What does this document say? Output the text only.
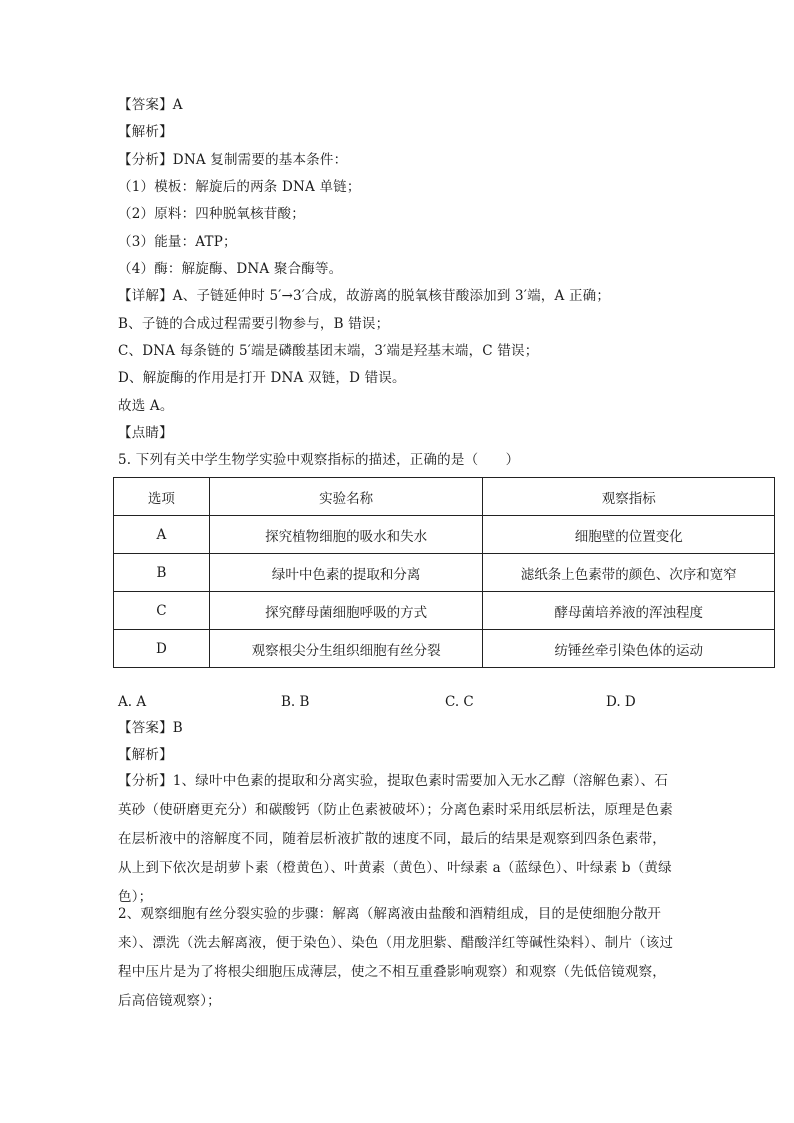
【答案】A
【解析】
【分析】DNA 复制需要的基本条件：
（1）模板：解旋后的两条 DNA 单链；
（2）原料：四种脱氧核苷酸；
（3）能量：ATP；
（4）酶：解旋酶、DNA 聚合酶等。
【详解】A、子链延伸时 5′→3′合成，故游离的脱氧核苷酸添加到 3′端，A 正确；
B、子链的合成过程需要引物参与，B 错误；
C、DNA 每条链的 5′端是磷酸基团末端，3′端是羟基末端，C 错误；
D、解旋酶的作用是打开 DNA 双链，D 错误。
故选 A。
【点睛】
5. 下列有关中学生物学实验中观察指标的描述，正确的是（　　）
选项	实验名称	观察指标
A	探究植物细胞的吸水和失水	细胞壁的位置变化
B	绿叶中色素的提取和分离	滤纸条上色素带的颜色、次序和宽窄
C	探究酵母菌细胞呼吸的方式	酵母菌培养液的浑浊程度
D	观察根尖分生组织细胞有丝分裂	纺锤丝牵引染色体的运动
A. A	B. B	C. C	D. D
【答案】B
【解析】
【分析】1、绿叶中色素的提取和分离实验，提取色素时需要加入无水乙醇（溶解色素）、石英砂（使研磨更充分）和碳酸钙（防止色素被破坏）；分离色素时采用纸层析法，原理是色素在层析液中的溶解度不同，随着层析液扩散的速度不同，最后的结果是观察到四条色素带，从上到下依次是胡萝卜素（橙黄色）、叶黄素（黄色）、叶绿素 a（蓝绿色）、叶绿素 b（黄绿色）；
2、观察细胞有丝分裂实验的步骤：解离（解离液由盐酸和酒精组成，目的是使细胞分散开来）、漂洗（洗去解离液，便于染色）、染色（用龙胆紫、醋酸洋红等碱性染料）、制片（该过程中压片是为了将根尖细胞压成薄层，使之不相互重叠影响观察）和观察（先低倍镜观察，后高倍镜观察）；
